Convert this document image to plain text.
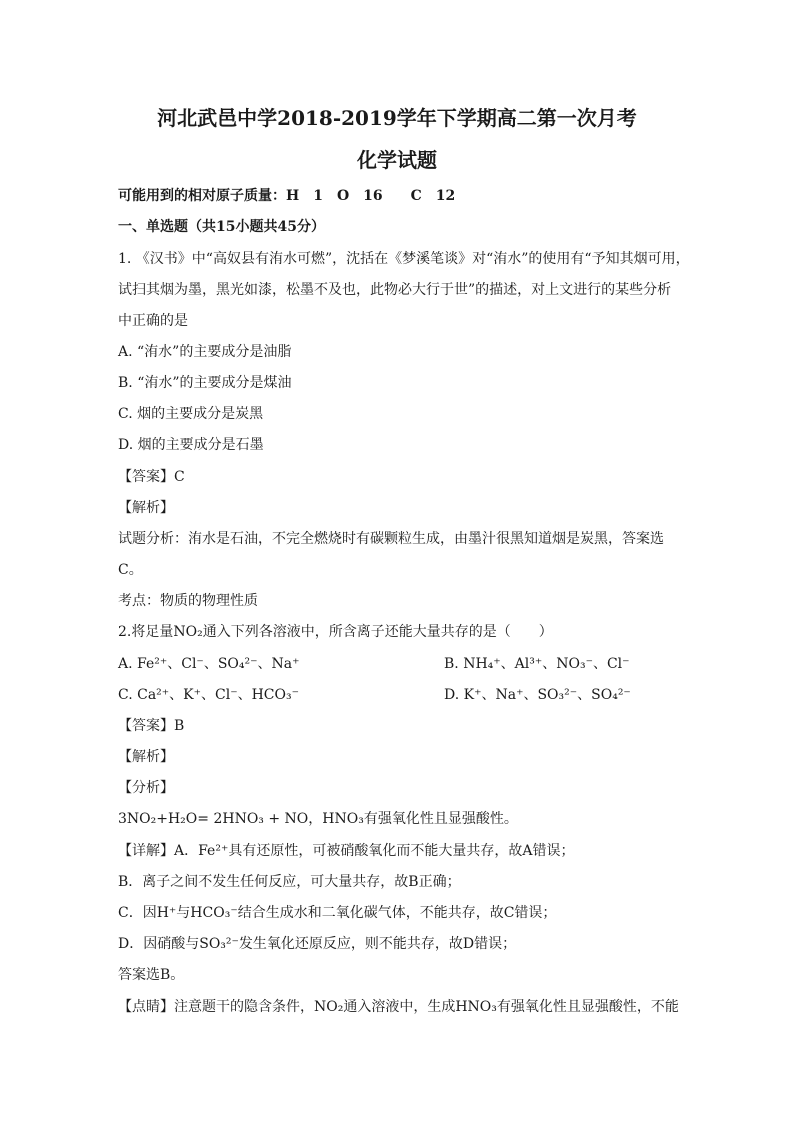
河北武邑中学2018-2019学年下学期高二第一次月考
化学试题
可能用到的相对原子质量：H　1　O　16　　C　12
一、单选题（共15小题共45分）
1. 《汉书》中“高奴县有洧水可燃”，沈括在《梦溪笔谈》对“洧水”的使用有“予知其烟可用，
试扫其烟为墨，黑光如漆，松墨不及也，此物必大行于世”的描述，对上文进行的某些分析
中正确的是
A. “洧水”的主要成分是油脂
B. “洧水”的主要成分是煤油
C. 烟的主要成分是炭黑
D. 烟的主要成分是石墨
【答案】C
【解析】
试题分析：洧水是石油，不完全燃烧时有碳颗粒生成，由墨汁很黑知道烟是炭黑，答案选
C。
考点：物质的物理性质
2.将足量NO₂通入下列各溶液中，所含离子还能大量共存的是（　　）
A. Fe²⁺、Cl⁻、SO₄²⁻、Na⁺	B. NH₄⁺、Al³⁺、NO₃⁻、Cl⁻
C. Ca²⁺、K⁺、Cl⁻、HCO₃⁻	D. K⁺、Na⁺、SO₃²⁻、SO₄²⁻
【答案】B
【解析】
【分析】
3NO₂+H₂O= 2HNO₃ + NO，HNO₃有强氧化性且显强酸性。
【详解】A．Fe²⁺具有还原性，可被硝酸氧化而不能大量共存，故A错误；
B．离子之间不发生任何反应，可大量共存，故B正确；
C．因H⁺与HCO₃⁻结合生成水和二氧化碳气体，不能共存，故C错误；
D．因硝酸与SO₃²⁻发生氧化还原反应，则不能共存，故D错误；
答案选B。
【点睛】注意题干的隐含条件，NO₂通入溶液中，生成HNO₃有强氧化性且显强酸性，不能
